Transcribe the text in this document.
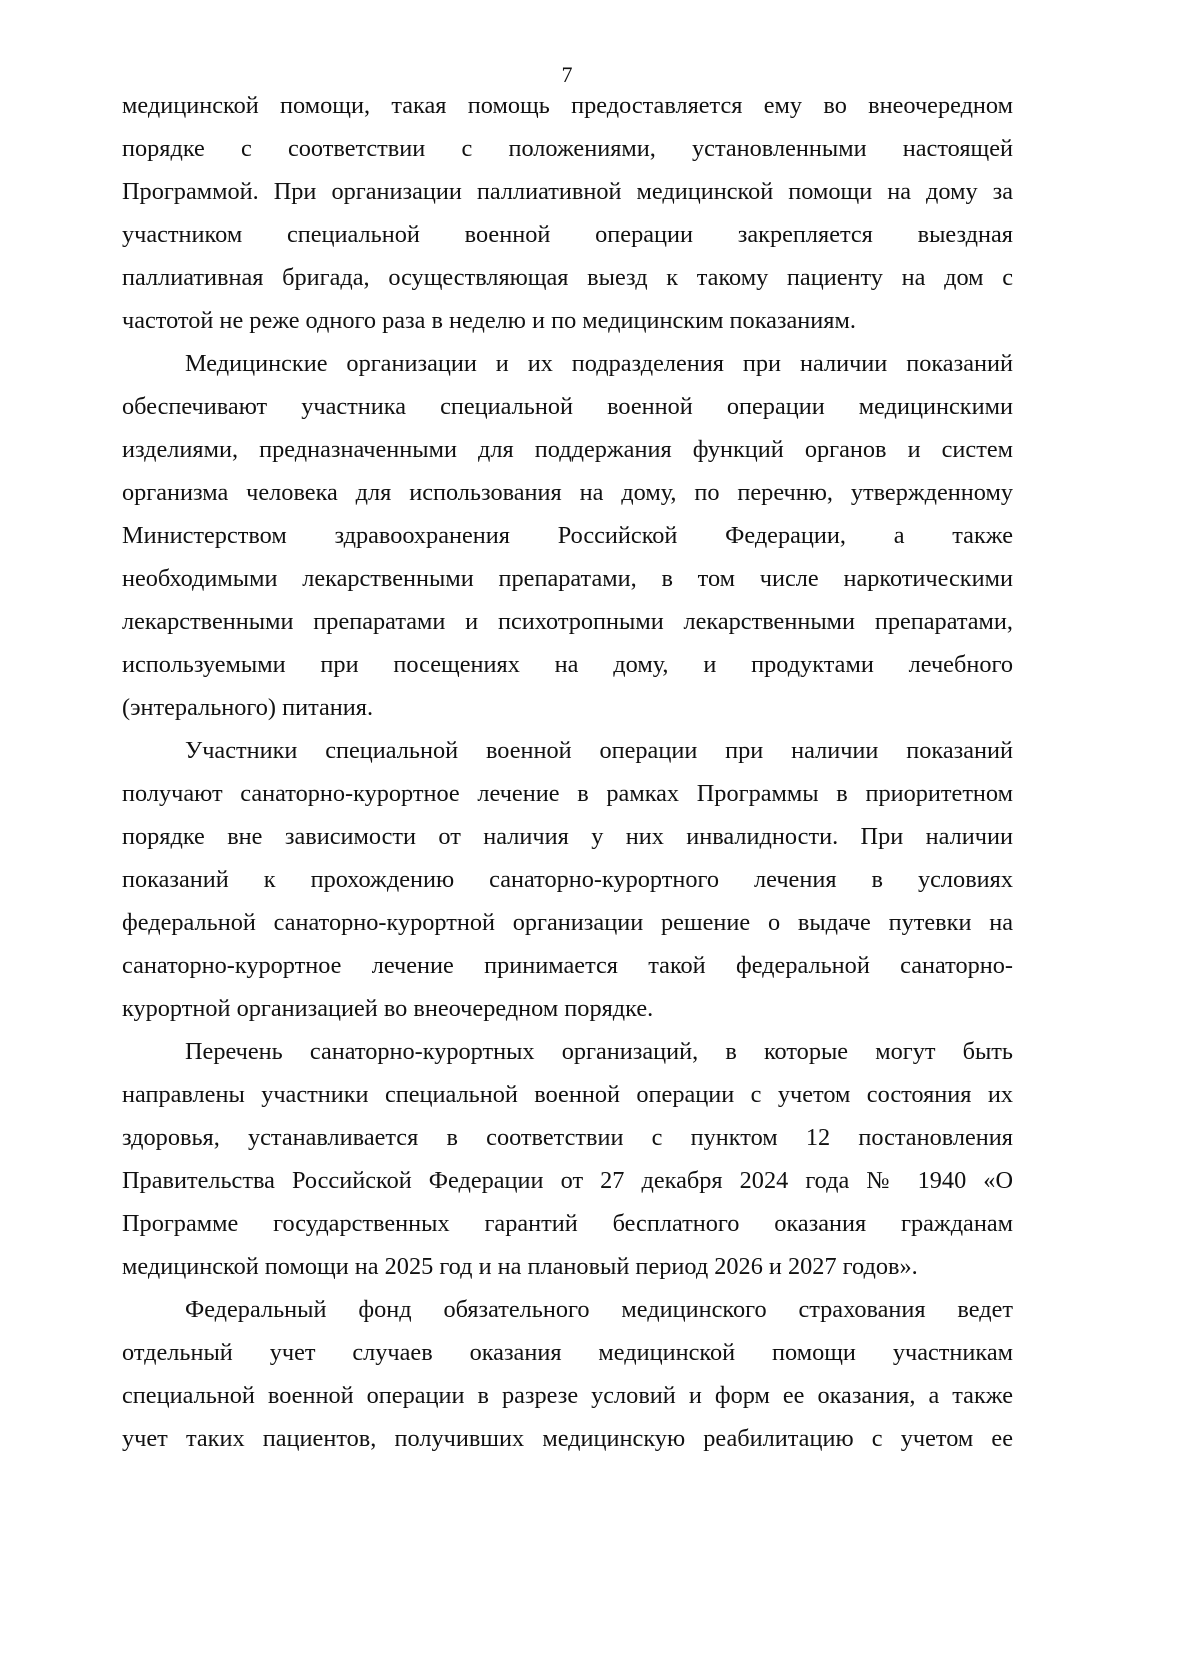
7
медицинской помощи, такая помощь предоставляется ему во внеочередном
порядке с соответствии с положениями, установленными настоящей
Программой. При организации паллиативной медицинской помощи на дому за
участником специальной военной операции закрепляется выездная
паллиативная бригада, осуществляющая выезд к такому пациенту на дом с
частотой не реже одного раза в неделю и по медицинским показаниям.
Медицинские организации и их подразделения при наличии показаний
обеспечивают участника специальной военной операции медицинскими
изделиями, предназначенными для поддержания функций органов и систем
организма человека для использования на дому, по перечню, утвержденному
Министерством здравоохранения Российской Федерации, а также
необходимыми лекарственными препаратами, в том числе наркотическими
лекарственными препаратами и психотропными лекарственными препаратами,
используемыми при посещениях на дому, и продуктами лечебного
(энтерального) питания.
Участники специальной военной операции при наличии показаний
получают санаторно-курортное лечение в рамках Программы в приоритетном
порядке вне зависимости от наличия у них инвалидности. При наличии
показаний к прохождению санаторно-курортного лечения в условиях
федеральной санаторно-курортной организации решение о выдаче путевки на
санаторно-курортное лечение принимается такой федеральной санаторно-
курортной организацией во внеочередном порядке.
Перечень санаторно-курортных организаций, в которые могут быть
направлены участники специальной военной операции с учетом состояния их
здоровья, устанавливается в соответствии с пунктом 12 постановления
Правительства Российской Федерации от 27 декабря 2024 года № 1940 «О
Программе государственных гарантий бесплатного оказания гражданам
медицинской помощи на 2025 год и на плановый период 2026 и 2027 годов».
Федеральный фонд обязательного медицинского страхования ведет
отдельный учет случаев оказания медицинской помощи участникам
специальной военной операции в разрезе условий и форм ее оказания, а также
учет таких пациентов, получивших медицинскую реабилитацию с учетом ее
